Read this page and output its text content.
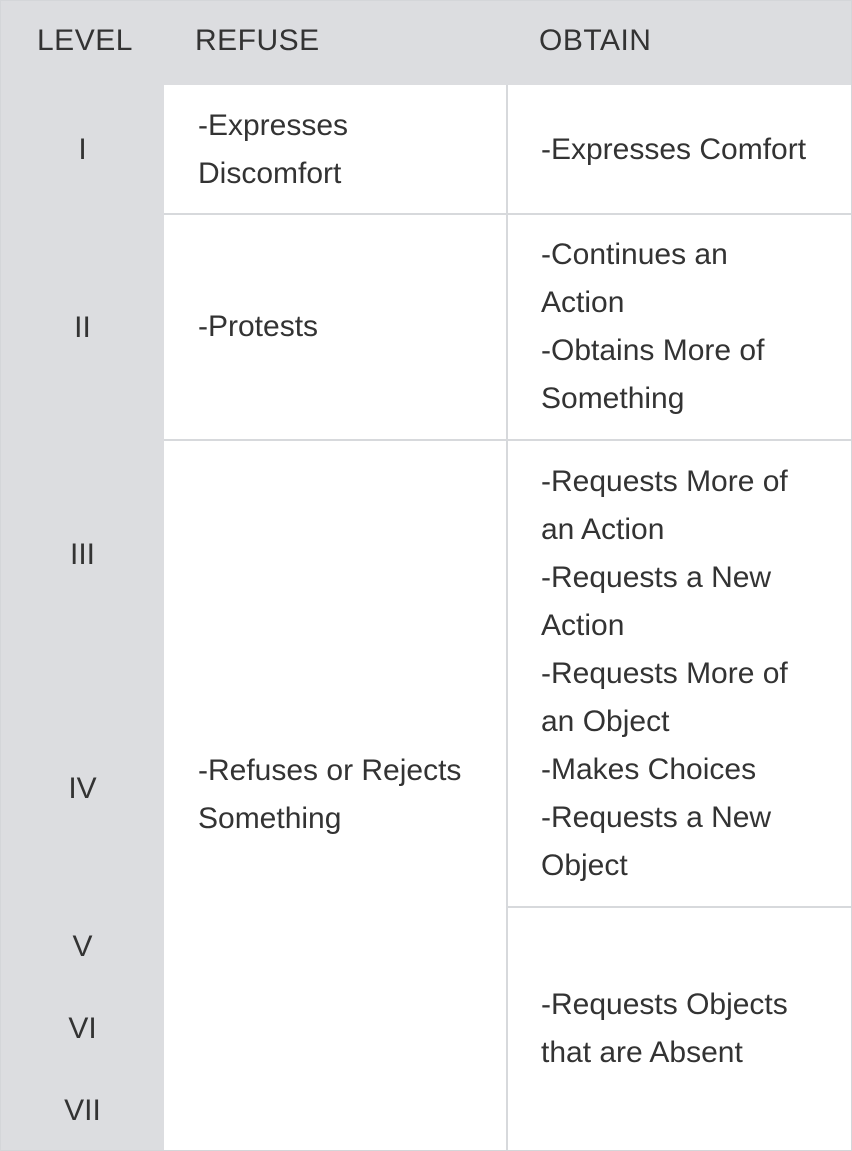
LEVEL REFUSE	OBTAIN
I
II
III
IV
V
VI
VII
-Expresses
Discomfort
-Protests
-Refuses or Rejects
Something
-Expresses Comfort
-Continues an
Action
-Obtains More of
Something
-Requests More of
an Action
-Requests a New
Action
-Requests More of
an Object
-Makes Choices
-Requests a New
Object
-Requests Objects
that are Absent
